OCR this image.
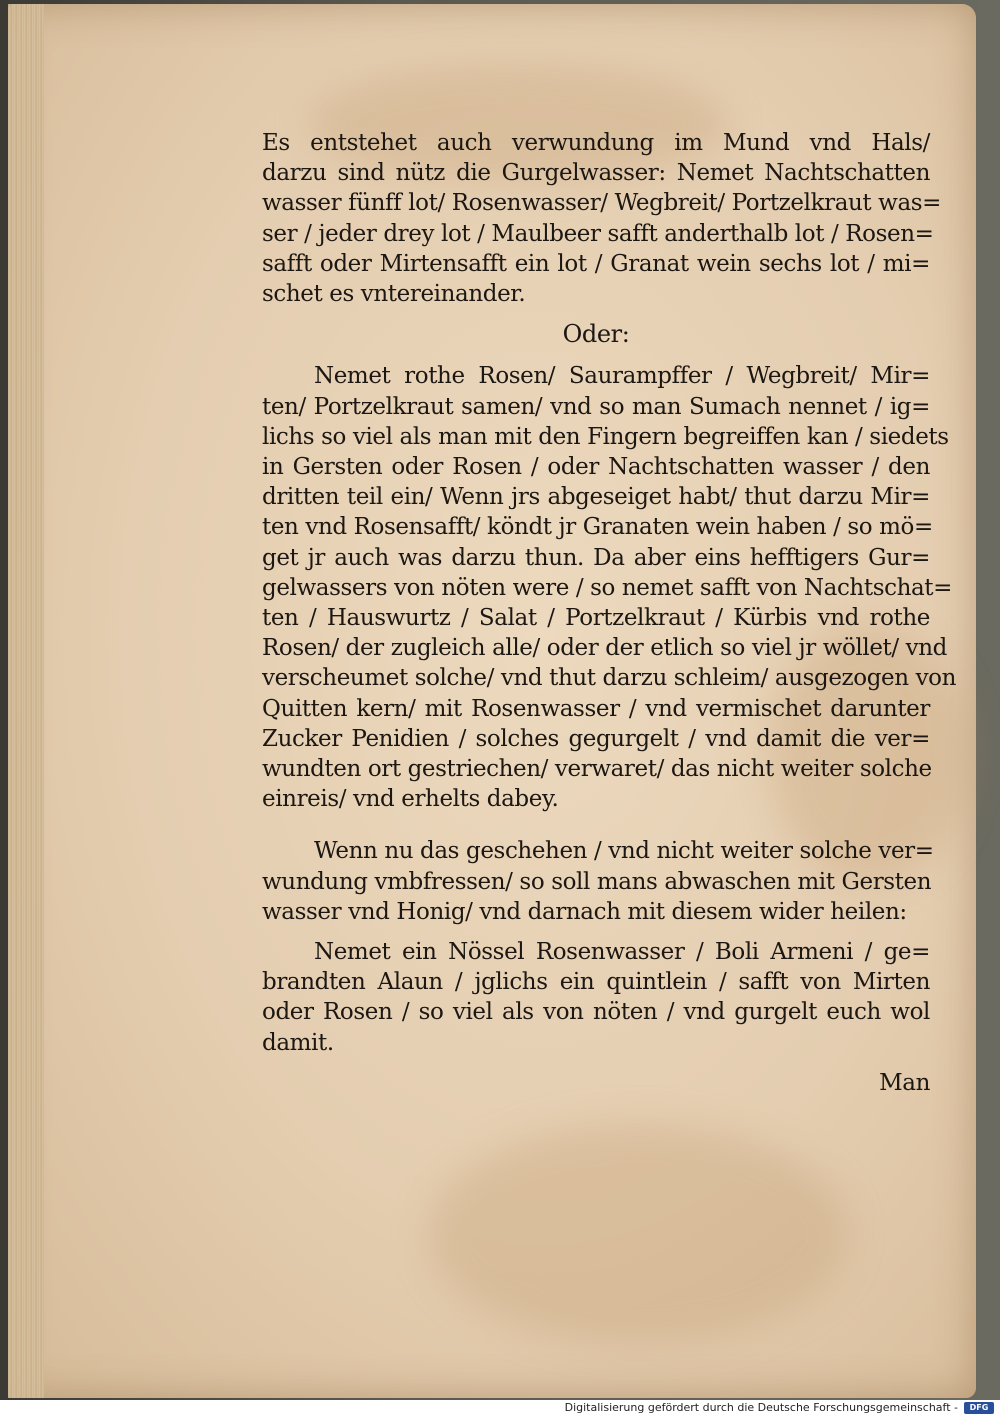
Es entstehet auch verwundung im Mund vnd Hals/
darzu sind nütz die Gurgelwasser: Nemet Nachtschatten
wasser fünff lot/ Rosenwasser/ Wegbreit/ Portzelkraut was=
ser / jeder drey lot / Maulbeer safft anderthalb lot / Rosen=
safft oder Mirtensafft ein lot / Granat wein sechs lot / mi=
schet es vntereinander.
Oder:
Nemet rothe Rosen/ Saurampffer / Wegbreit/ Mir=
ten/ Portzelkraut samen/ vnd so man Sumach nennet / ig=
lichs so viel als man mit den Fingern begreiffen kan / siedets
in Gersten oder Rosen / oder Nachtschatten wasser / den
dritten teil ein/ Wenn jrs abgeseiget habt/ thut darzu Mir=
ten vnd Rosensafft/ köndt jr Granaten wein haben / so mö=
get jr auch was darzu thun. Da aber eins hefftigers Gur=
gelwassers von nöten were / so nemet safft von Nachtschat=
ten / Hauswurtz / Salat / Portzelkraut / Kürbis vnd rothe
Rosen/ der zugleich alle/ oder der etlich so viel jr wöllet/ vnd
verscheumet solche/ vnd thut darzu schleim/ ausgezogen von
Quitten kern/ mit Rosenwasser / vnd vermischet darunter
Zucker Penidien / solches gegurgelt / vnd damit die ver=
wundten ort gestriechen/ verwaret/ das nicht weiter solche
einreis/ vnd erhelts dabey.
Wenn nu das geschehen / vnd nicht weiter solche ver=
wundung vmbfressen/ so soll mans abwaschen mit Gersten
wasser vnd Honig/ vnd darnach mit diesem wider heilen:
Nemet ein Nössel Rosenwasser / Boli Armeni / ge=
brandten Alaun / jglichs ein quintlein / safft von Mirten
oder Rosen / so viel als von nöten / vnd gurgelt euch wol
damit.
Man
Digitalisierung gefördert durch die Deutsche Forschungsgemeinschaft -	DFG
